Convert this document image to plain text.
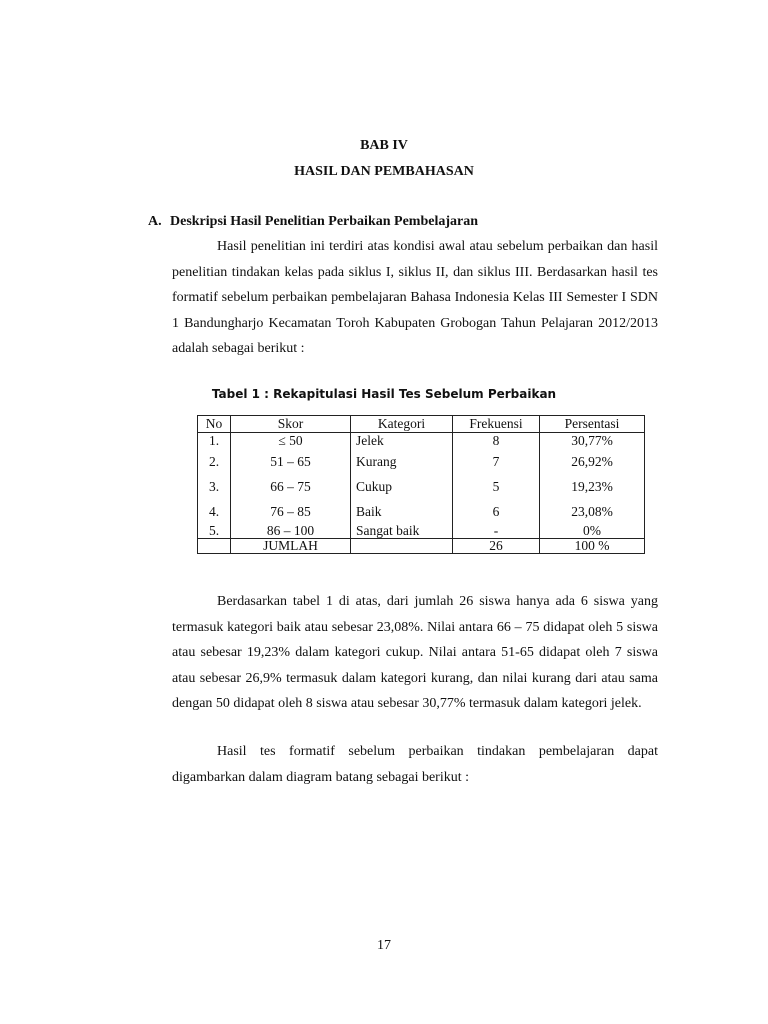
BAB IV
HASIL DAN PEMBAHASAN
A. Deskripsi Hasil Penelitian Perbaikan Pembelajaran

Hasil penelitian ini terdiri atas kondisi awal atau sebelum perbaikan dan hasil penelitian tindakan kelas pada siklus I, siklus II, dan siklus III. Berdasarkan hasil tes formatif sebelum perbaikan pembelajaran Bahasa Indonesia Kelas III Semester I SDN 1 Bandungharjo Kecamatan Toroh Kabupaten Grobogan Tahun Pelajaran 2012/2013 adalah sebagai berikut :

Tabel 1 : Rekapitulasi Hasil Tes Sebelum Perbaikan
No	Skor	Kategori	Frekuensi	Persentasi
1.	≤ 50	Jelek	8	30,77%
2.	51 – 65	Kurang	7	26,92%
3.	66 – 75	Cukup	5	19,23%
4.	76 – 85	Baik	6	23,08%
5.	86 – 100	Sangat baik	-	0%
	JUMLAH		26	100 %

Berdasarkan tabel 1 di atas, dari jumlah 26 siswa hanya ada 6 siswa yang termasuk kategori baik atau sebesar 23,08%. Nilai antara 66 – 75 didapat oleh 5 siswa atau sebesar 19,23% dalam kategori cukup. Nilai antara 51-65 didapat oleh 7 siswa atau sebesar 26,9% termasuk dalam kategori kurang, dan nilai kurang dari atau sama dengan 50 didapat oleh 8 siswa atau sebesar 30,77% termasuk dalam kategori jelek.

Hasil tes formatif sebelum perbaikan tindakan pembelajaran dapat digambarkan dalam diagram batang sebagai berikut :

17
